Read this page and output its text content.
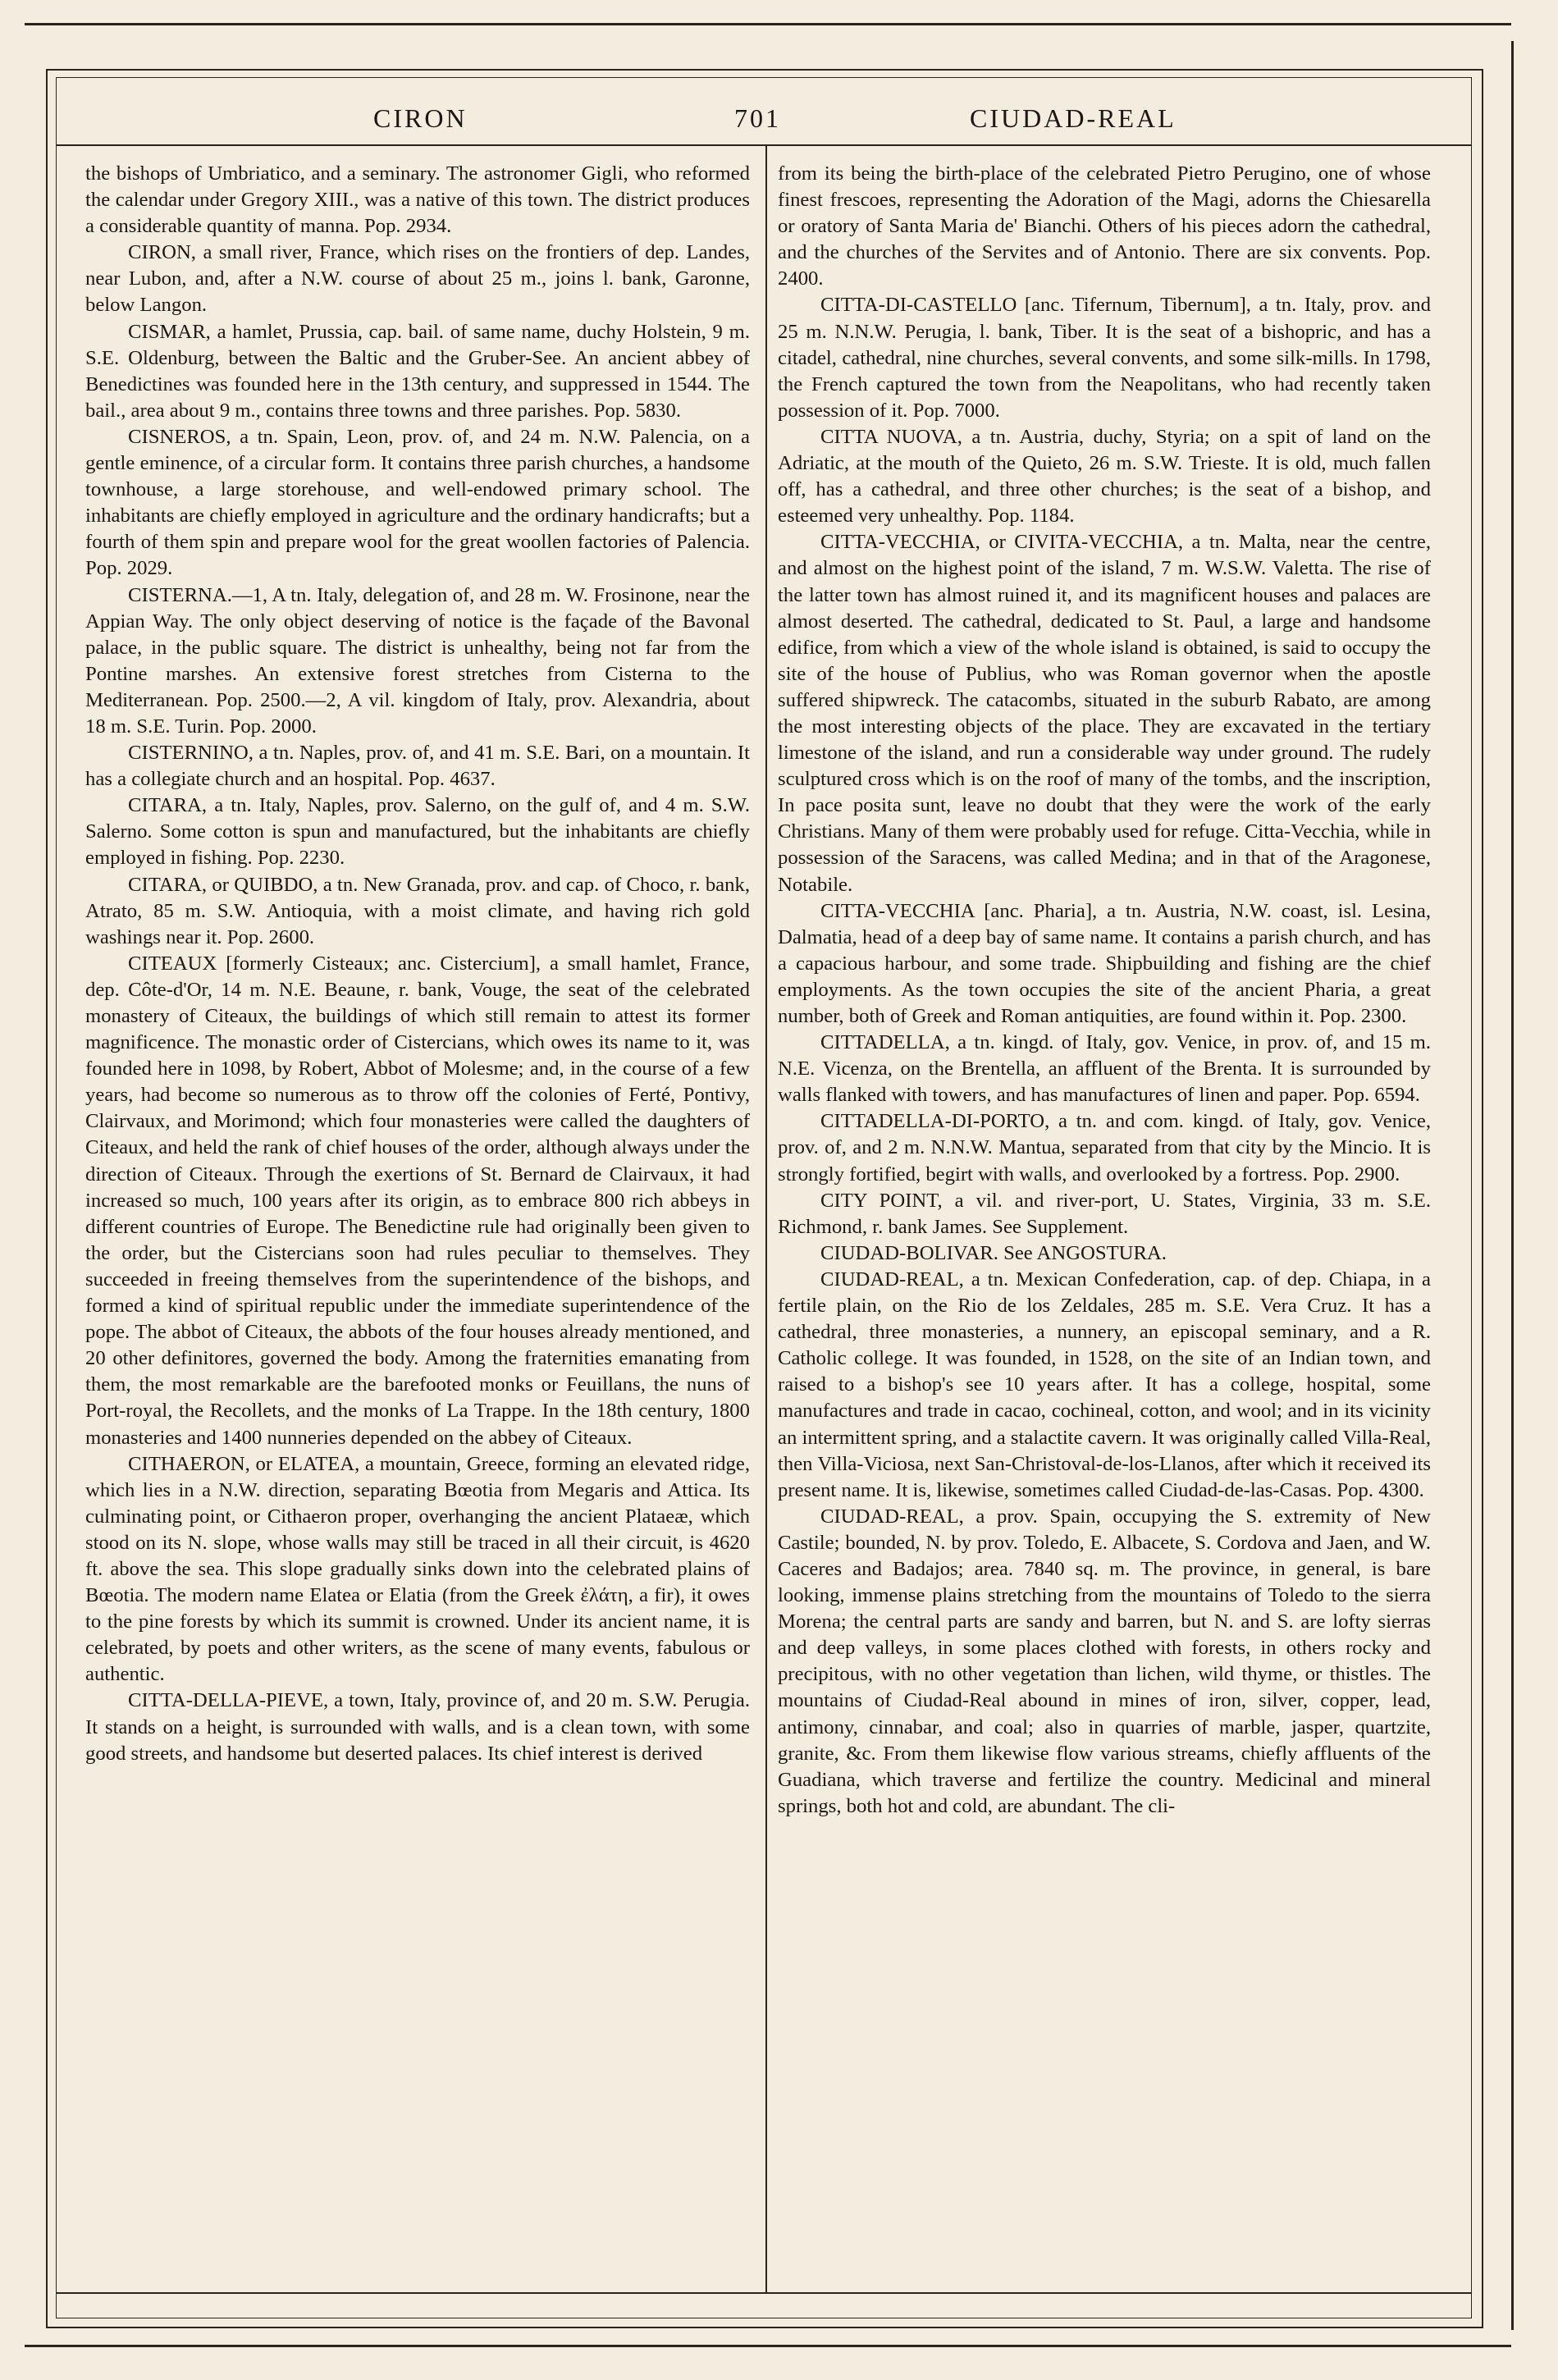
CIRON	701	CIUDAD-REAL

the bishops of Umbriatico, and a seminary. The astronomer Gigli, who reformed the calendar under Gregory XIII., was a native of this town. The district produces a considerable quantity of manna. Pop. 2934.

CIRON, a small river, France, which rises on the frontiers of dep. Landes, near Lubon, and, after a N.W. course of about 25 m., joins l. bank, Garonne, below Langon.

CISMAR, a hamlet, Prussia, cap. bail. of same name, duchy Holstein, 9 m. S.E. Oldenburg, between the Baltic and the Gruber-See. An ancient abbey of Benedictines was founded here in the 13th century, and suppressed in 1544. The bail., area about 9 m., contains three towns and three parishes. Pop. 5830.

CISNEROS, a tn. Spain, Leon, prov. of, and 24 m. N.W. Palencia, on a gentle eminence, of a circular form. It contains three parish churches, a handsome townhouse, a large storehouse, and well-endowed primary school. The inhabitants are chiefly employed in agriculture and the ordinary handicrafts; but a fourth of them spin and prepare wool for the great woollen factories of Palencia. Pop. 2029.

CISTERNA.—1, A tn. Italy, delegation of, and 28 m. W. Frosinone, near the Appian Way. The only object deserving of notice is the façade of the Bavonal palace, in the public square. The district is unhealthy, being not far from the Pontine marshes. An extensive forest stretches from Cisterna to the Mediterranean. Pop. 2500.—2, A vil. kingdom of Italy, prov. Alexandria, about 18 m. S.E. Turin. Pop. 2000.

CISTERNINO, a tn. Naples, prov. of, and 41 m. S.E. Bari, on a mountain. It has a collegiate church and an hospital. Pop. 4637.

CITARA, a tn. Italy, Naples, prov. Salerno, on the gulf of, and 4 m. S.W. Salerno. Some cotton is spun and manufactured, but the inhabitants are chiefly employed in fishing. Pop. 2230.

CITARA, or QUIBDO, a tn. New Granada, prov. and cap. of Choco, r. bank, Atrato, 85 m. S.W. Antioquia, with a moist climate, and having rich gold washings near it. Pop. 2600.

CITEAUX [formerly Cisteaux; anc. Cistercium], a small hamlet, France, dep. Côte-d'Or, 14 m. N.E. Beaune, r. bank, Vouge, the seat of the celebrated monastery of Citeaux, the buildings of which still remain to attest its former magnificence. The monastic order of Cistercians, which owes its name to it, was founded here in 1098, by Robert, Abbot of Molesme; and, in the course of a few years, had become so numerous as to throw off the colonies of Ferté, Pontivy, Clairvaux, and Morimond; which four monasteries were called the daughters of Citeaux, and held the rank of chief houses of the order, although always under the direction of Citeaux. Through the exertions of St. Bernard de Clairvaux, it had increased so much, 100 years after its origin, as to embrace 800 rich abbeys in different countries of Europe. The Benedictine rule had originally been given to the order, but the Cistercians soon had rules peculiar to themselves. They succeeded in freeing themselves from the superintendence of the bishops, and formed a kind of spiritual republic under the immediate superintendence of the pope. The abbot of Citeaux, the abbots of the four houses already mentioned, and 20 other definitores, governed the body. Among the fraternities emanating from them, the most remarkable are the barefooted monks or Feuillans, the nuns of Port-royal, the Recollets, and the monks of La Trappe. In the 18th century, 1800 monasteries and 1400 nunneries depended on the abbey of Citeaux.

CITHAERON, or ELATEA, a mountain, Greece, forming an elevated ridge, which lies in a N.W. direction, separating Bœotia from Megaris and Attica. Its culminating point, or Cithaeron proper, overhanging the ancient Plataeæ, which stood on its N. slope, whose walls may still be traced in all their circuit, is 4620 ft. above the sea. This slope gradually sinks down into the celebrated plains of Bœotia. The modern name Elatea or Elatia (from the Greek ἐλάτη, a fir), it owes to the pine forests by which its summit is crowned. Under its ancient name, it is celebrated, by poets and other writers, as the scene of many events, fabulous or authentic.

CITTA-DELLA-PIEVE, a town, Italy, province of, and 20 m. S.W. Perugia. It stands on a height, is surrounded with walls, and is a clean town, with some good streets, and handsome but deserted palaces. Its chief interest is derived

from its being the birth-place of the celebrated Pietro Perugino, one of whose finest frescoes, representing the Adoration of the Magi, adorns the Chiesarella or oratory of Santa Maria de' Bianchi. Others of his pieces adorn the cathedral, and the churches of the Servites and of Antonio. There are six convents. Pop. 2400.

CITTA-DI-CASTELLO [anc. Tifernum, Tibernum], a tn. Italy, prov. and 25 m. N.N.W. Perugia, l. bank, Tiber. It is the seat of a bishopric, and has a citadel, cathedral, nine churches, several convents, and some silk-mills. In 1798, the French captured the town from the Neapolitans, who had recently taken possession of it. Pop. 7000.

CITTA NUOVA, a tn. Austria, duchy, Styria; on a spit of land on the Adriatic, at the mouth of the Quieto, 26 m. S.W. Trieste. It is old, much fallen off, has a cathedral, and three other churches; is the seat of a bishop, and esteemed very unhealthy. Pop. 1184.

CITTA-VECCHIA, or CIVITA-VECCHIA, a tn. Malta, near the centre, and almost on the highest point of the island, 7 m. W.S.W. Valetta. The rise of the latter town has almost ruined it, and its magnificent houses and palaces are almost deserted. The cathedral, dedicated to St. Paul, a large and handsome edifice, from which a view of the whole island is obtained, is said to occupy the site of the house of Publius, who was Roman governor when the apostle suffered shipwreck. The catacombs, situated in the suburb Rabato, are among the most interesting objects of the place. They are excavated in the tertiary limestone of the island, and run a considerable way under ground. The rudely sculptured cross which is on the roof of many of the tombs, and the inscription, In pace posita sunt, leave no doubt that they were the work of the early Christians. Many of them were probably used for refuge. Citta-Vecchia, while in possession of the Saracens, was called Medina; and in that of the Aragonese, Notabile.

CITTA-VECCHIA [anc. Pharia], a tn. Austria, N.W. coast, isl. Lesina, Dalmatia, head of a deep bay of same name. It contains a parish church, and has a capacious harbour, and some trade. Shipbuilding and fishing are the chief employments. As the town occupies the site of the ancient Pharia, a great number, both of Greek and Roman antiquities, are found within it. Pop. 2300.

CITTADELLA, a tn. kingd. of Italy, gov. Venice, in prov. of, and 15 m. N.E. Vicenza, on the Brentella, an affluent of the Brenta. It is surrounded by walls flanked with towers, and has manufactures of linen and paper. Pop. 6594.

CITTADELLA-DI-PORTO, a tn. and com. kingd. of Italy, gov. Venice, prov. of, and 2 m. N.N.W. Mantua, separated from that city by the Mincio. It is strongly fortified, begirt with walls, and overlooked by a fortress. Pop. 2900.

CITY POINT, a vil. and river-port, U. States, Virginia, 33 m. S.E. Richmond, r. bank James. See Supplement.

CIUDAD-BOLIVAR. See ANGOSTURA.

CIUDAD-REAL, a tn. Mexican Confederation, cap. of dep. Chiapa, in a fertile plain, on the Rio de los Zeldales, 285 m. S.E. Vera Cruz. It has a cathedral, three monasteries, a nunnery, an episcopal seminary, and a R. Catholic college. It was founded, in 1528, on the site of an Indian town, and raised to a bishop's see 10 years after. It has a college, hospital, some manufactures and trade in cacao, cochineal, cotton, and wool; and in its vicinity an intermittent spring, and a stalactite cavern. It was originally called Villa-Real, then Villa-Viciosa, next San-Christoval-de-los-Llanos, after which it received its present name. It is, likewise, sometimes called Ciudad-de-las-Casas. Pop. 4300.

CIUDAD-REAL, a prov. Spain, occupying the S. extremity of New Castile; bounded, N. by prov. Toledo, E. Albacete, S. Cordova and Jaen, and W. Caceres and Badajos; area. 7840 sq. m. The province, in general, is bare looking, immense plains stretching from the mountains of Toledo to the sierra Morena; the central parts are sandy and barren, but N. and S. are lofty sierras and deep valleys, in some places clothed with forests, in others rocky and precipitous, with no other vegetation than lichen, wild thyme, or thistles. The mountains of Ciudad-Real abound in mines of iron, silver, copper, lead, antimony, cinnabar, and coal; also in quarries of marble, jasper, quartzite, granite, &c. From them likewise flow various streams, chiefly affluents of the Guadiana, which traverse and fertilize the country. Medicinal and mineral springs, both hot and cold, are abundant. The cli-
